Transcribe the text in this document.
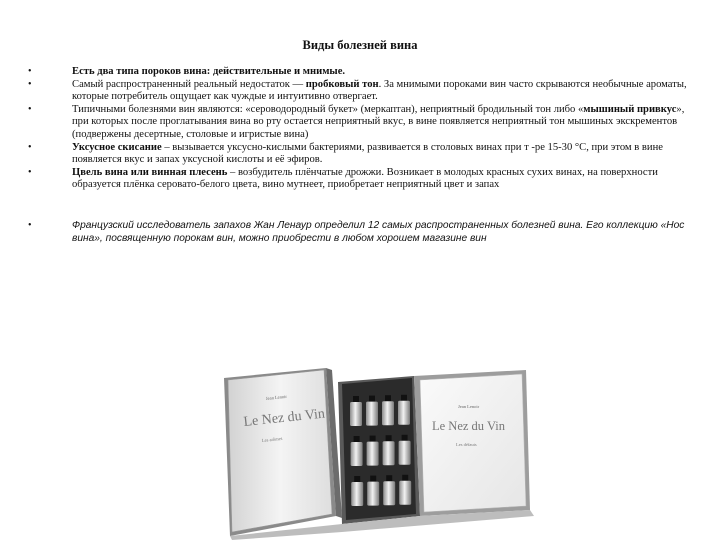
Виды болезней вина
•	Есть два типа пороков вина: действительные и мнимые.
•	Самый распространенный реальный недостаток — пробковый тон. За мнимыми пороками вин часто скрываются необычные ароматы, которые потребитель ощущает как чуждые и интуитивно отвергает.
•	Типичными болезнями вин являются: «сероводородный букет» (меркаптан), неприятный бродильный тон либо «мышиный привкус», при которых после проглатывания вина во рту остается неприятный вкус, в вине появляется неприятный тон мышиных экскрементов (подвержены десертные, столовые и игристые вина)
•	Уксусное скисание – вызывается уксусно-кислыми бактериями, развивается в столовых винах при т -ре 15-30 °С, при этом в вине появляется вкус и запах уксусной кислоты и её эфиров.
•	Цвель вина или винная плесень – возбудитель плёнчатые дрожжи. Возникает в молодых красных сухих винах, на поверхности образуется плёнка серовато-белого цвета, вино мутнеет, приобретает неприятный цвет и запах
•	Французский исследователь запахов Жан Ленаур определил 12 самых распространенных болезней вина. Его коллекцию «Нос вина», посвященную порокам вин, можно приобрести в любом хорошем магазине вин
Jean Lenoir
Le Nez du Vin
Les arômes
Jean Lenoir
Le Nez du Vin
Les défauts
